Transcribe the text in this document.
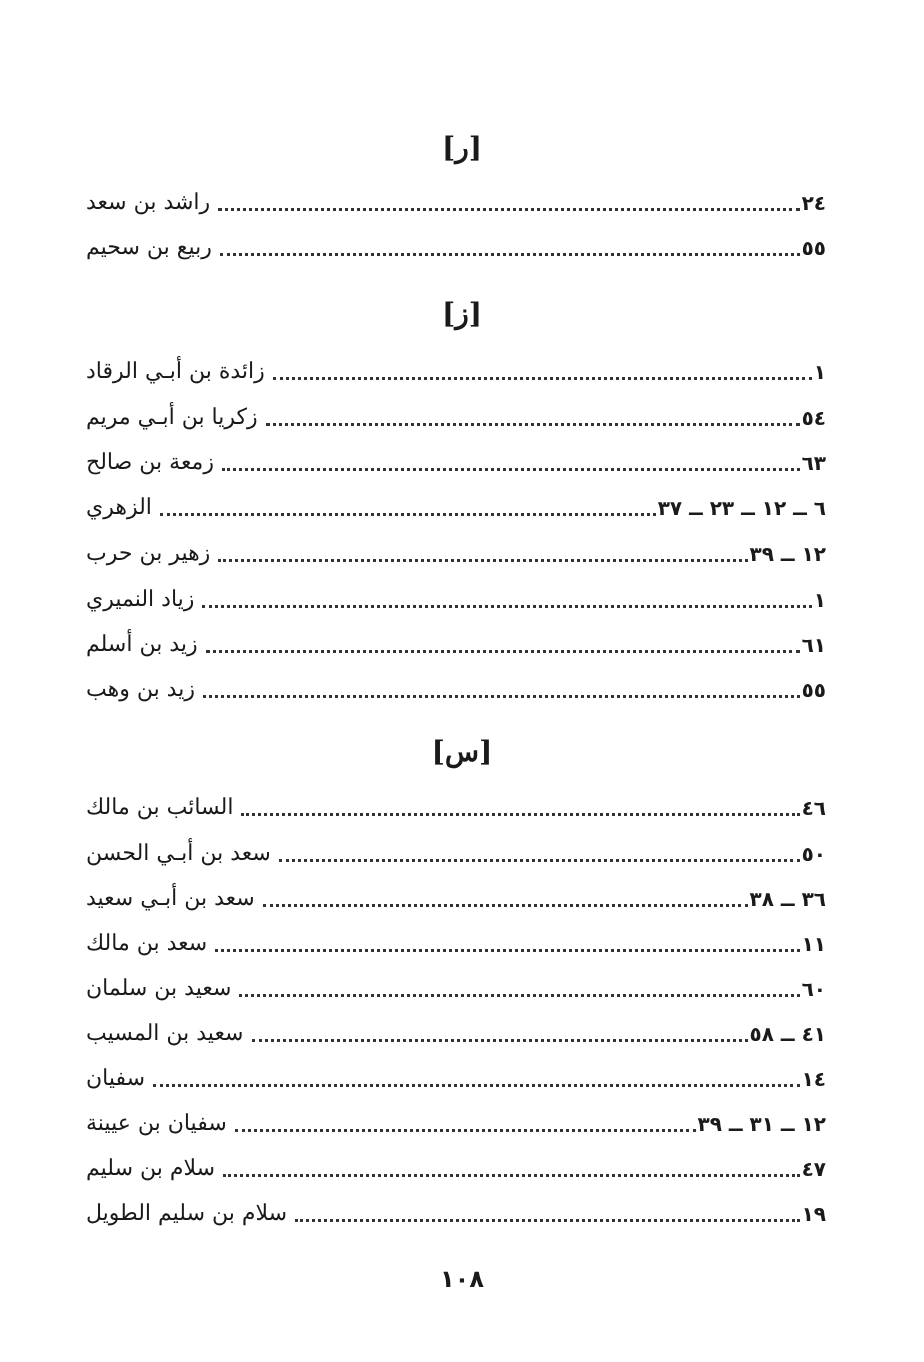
[ر]
راشد بن سعد	٢٤
ربيع بن سحيم	٥٥
[ز]
زائدة بن أبـي الرقاد	١
زكريا بن أبـي مريم	٥٤
زمعة بن صالح	٦٣
الزهري	٦ ــ ١٢ ــ ٢٣ ــ ٣٧
زهير بن حرب	١٢ ــ ٣٩
زياد النميري	١
زيد بن أسلم	٦١
زيد بن وهب	٥٥
[س]
السائب بن مالك	٤٦
سعد بن أبـي الحسن	٥٠
سعد بن أبـي سعيد	٣٦ ــ ٣٨
سعد بن مالك	١١
سعيد بن سلمان	٦٠
سعيد بن المسيب	٤١ ــ ٥٨
سفيان	١٤
سفيان بن عيينة	١٢ ــ ٣١ ــ ٣٩
سلام بن سليم	٤٧
سلام بن سليم الطويل	١٩
١٠٨
